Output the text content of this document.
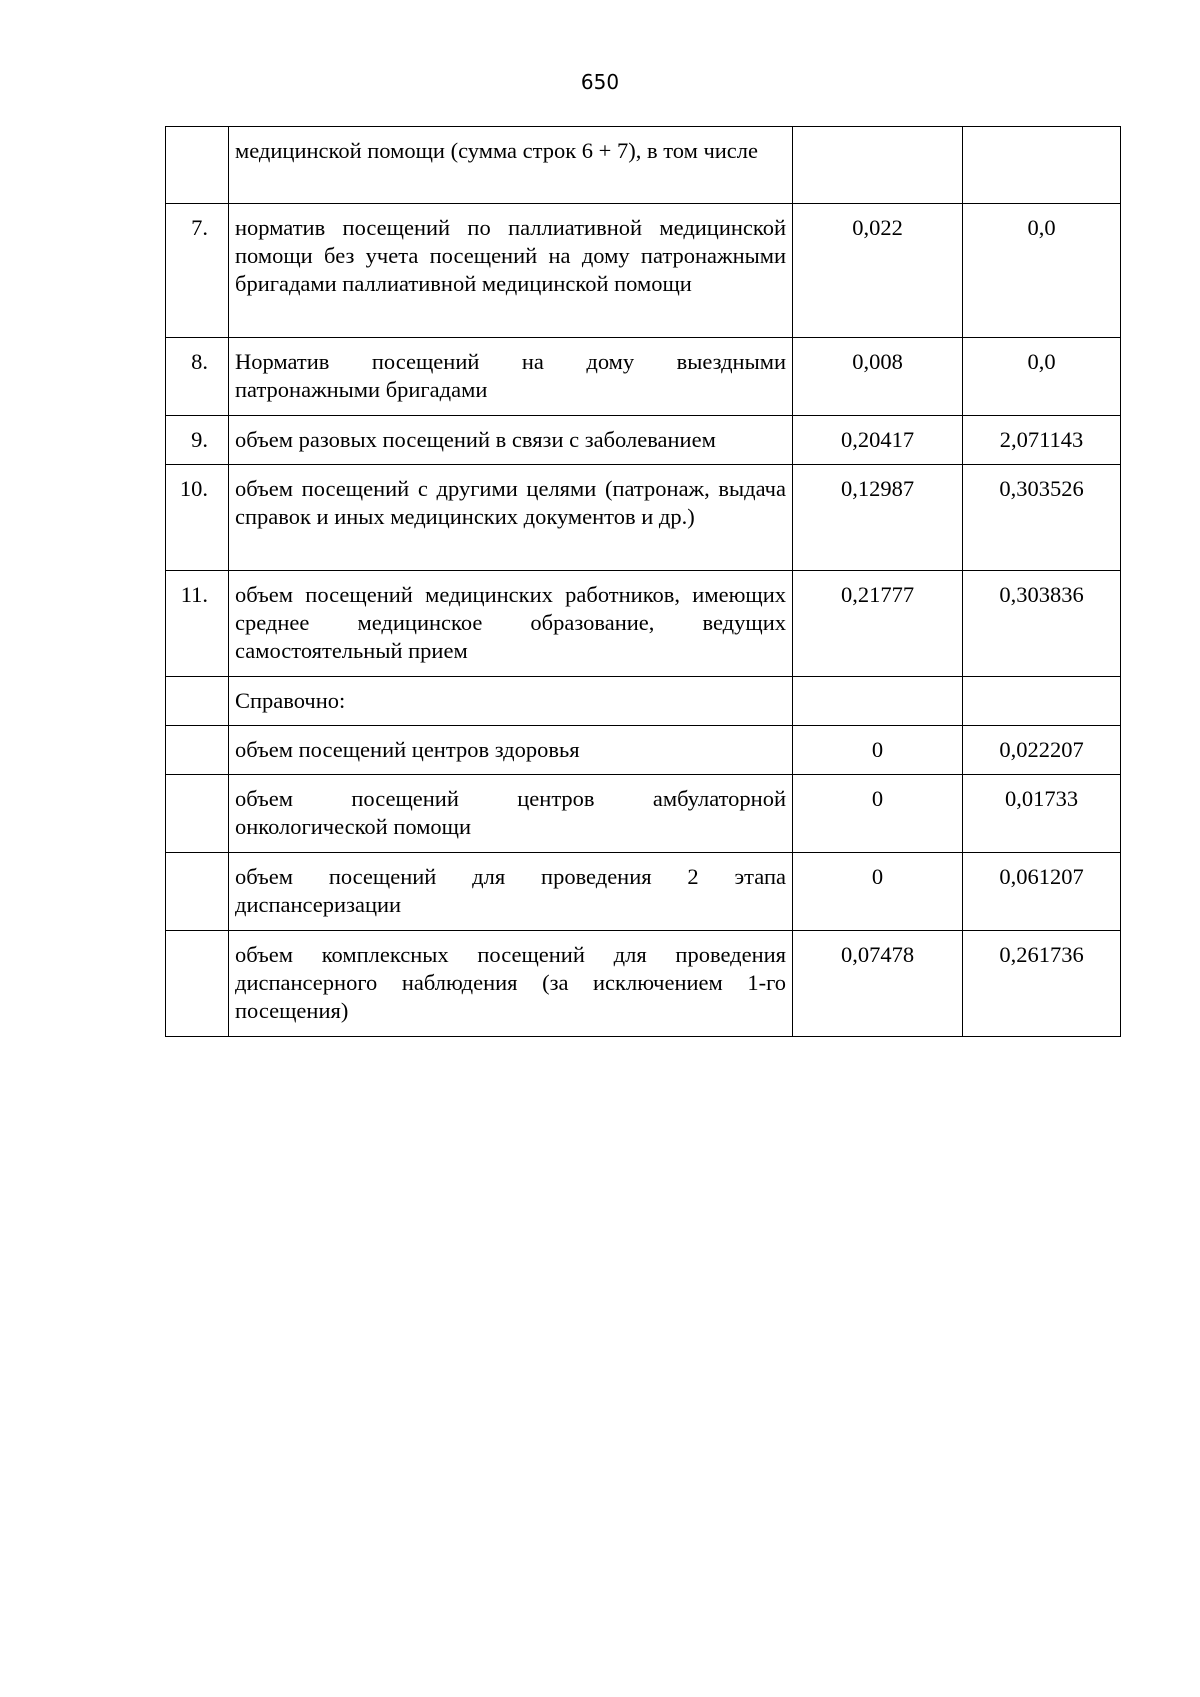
650
	медицинской помощи (сумма строк 6 + 7), в том числе		
7.	норматив посещений по паллиативной медицинской помощи без учета посещений на дому патронажными бригадами паллиативной медицинской помощи	0,022	0,0
8.	Норматив посещений на дому выездными патронажными бригадами	0,008	0,0
9.	объем разовых посещений в связи с заболеванием	0,20417	2,071143
10.	объем посещений с другими целями (патронаж, выдача справок и иных медицинских документов и др.)	0,12987	0,303526
11.	объем посещений медицинских работников, имеющих среднее медицинское образование, ведущих самостоятельный прием	0,21777	0,303836
	Справочно:		
	объем посещений центров здоровья	0	0,022207
	объем посещений центров амбулаторной онкологической помощи	0	0,01733
	объем посещений для проведения 2 этапа диспансеризации	0	0,061207
	объем комплексных посещений для проведения диспансерного наблюдения (за исключением 1-го посещения)	0,07478	0,261736
